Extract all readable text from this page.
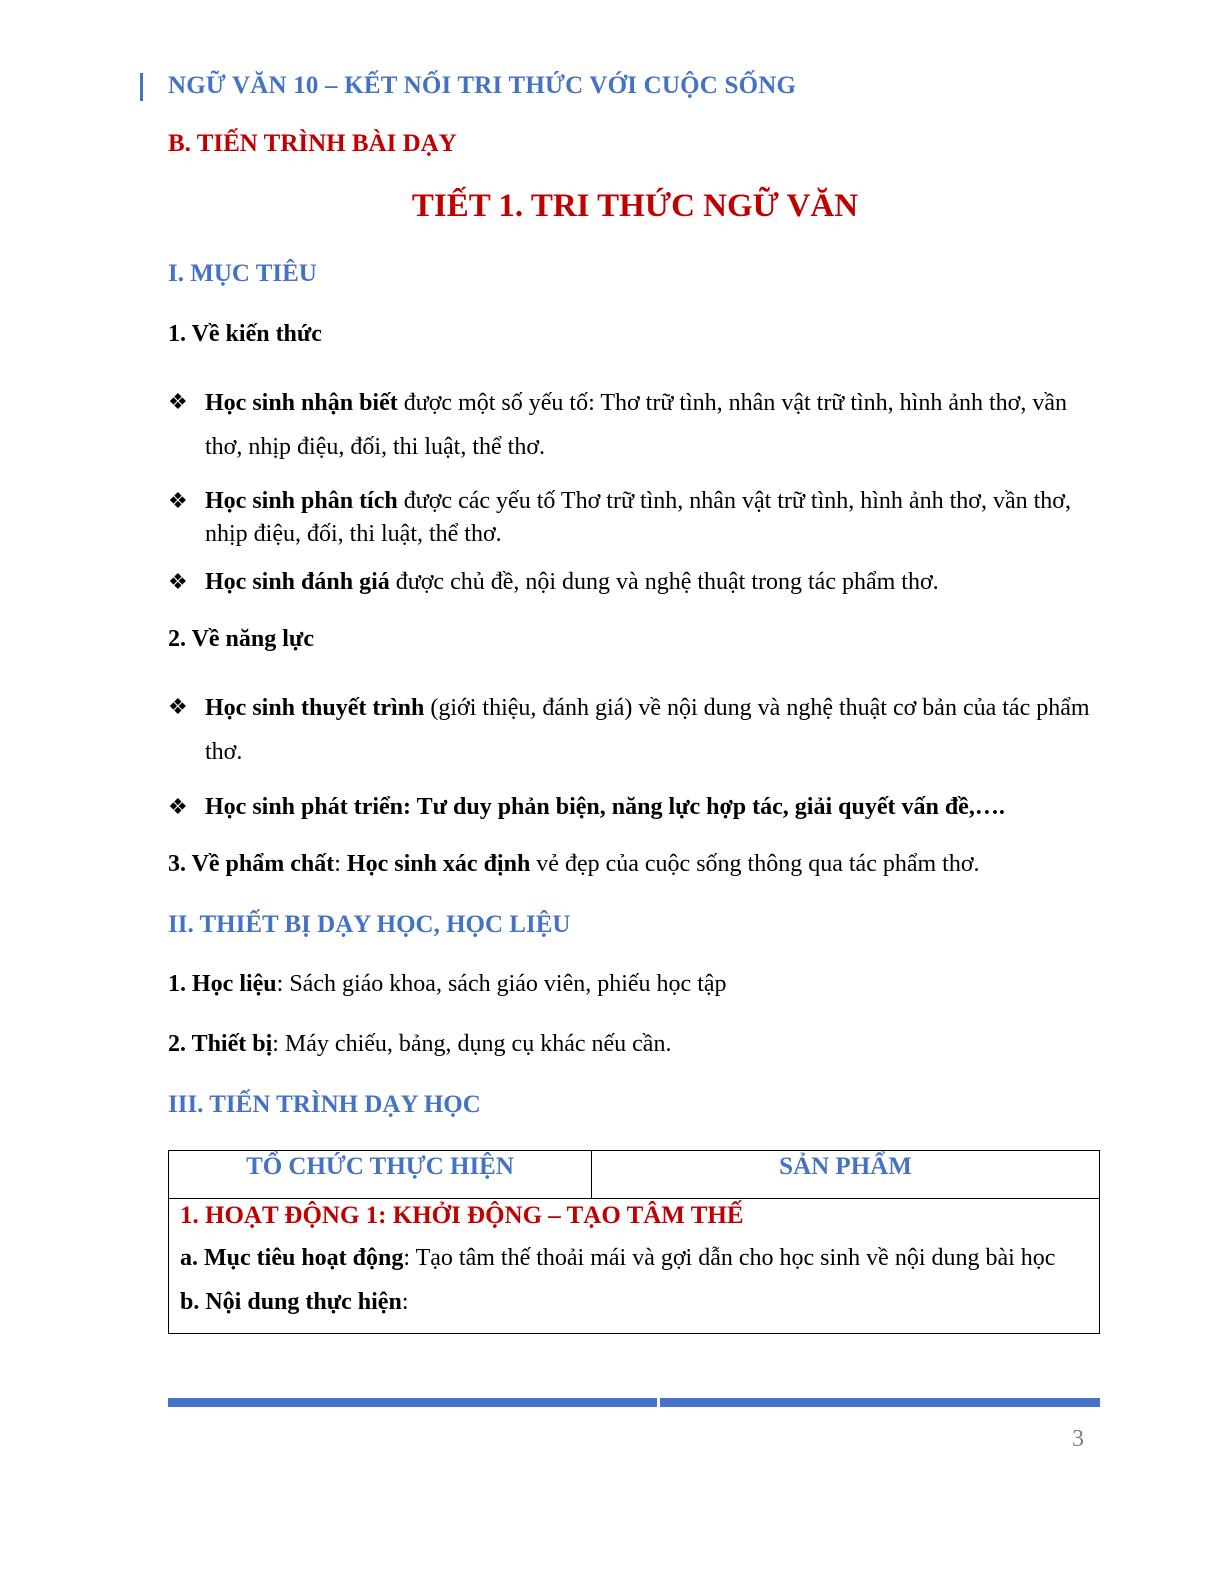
NGỮ VĂN 10 – KẾT NỐI TRI THỨC VỚI CUỘC SỐNG
B. TIẾN TRÌNH BÀI DẠY
TIẾT 1. TRI THỨC NGỮ VĂN
I. MỤC TIÊU
1. Về kiến thức
❖ Học sinh nhận biết được một số yếu tố: Thơ trữ tình, nhân vật trữ tình, hình ảnh thơ, vần thơ, nhịp điệu, đối, thi luật, thể thơ.
❖ Học sinh phân tích được các yếu tố Thơ trữ tình, nhân vật trữ tình, hình ảnh thơ, vần thơ, nhịp điệu, đối, thi luật, thể thơ.
❖ Học sinh đánh giá được chủ đề, nội dung và nghệ thuật trong tác phẩm thơ.
2. Về năng lực
❖ Học sinh thuyết trình (giới thiệu, đánh giá) về nội dung và nghệ thuật cơ bản của tác phẩm thơ.
❖ Học sinh phát triển: Tư duy phản biện, năng lực hợp tác, giải quyết vấn đề,….
3. Về phẩm chất: Học sinh xác định vẻ đẹp của cuộc sống thông qua tác phẩm thơ.
II. THIẾT BỊ DẠY HỌC, HỌC LIỆU
1. Học liệu: Sách giáo khoa, sách giáo viên, phiếu học tập
2. Thiết bị: Máy chiếu, bảng, dụng cụ khác nếu cần.
III. TIẾN TRÌNH DẠY HỌC
TỔ CHỨC THỰC HIỆN	SẢN PHẨM

1. HOẠT ĐỘNG 1: KHỞI ĐỘNG – TẠO TÂM THẾ
a. Mục tiêu hoạt động: Tạo tâm thế thoải mái và gợi dẫn cho học sinh về nội dung bài học
b. Nội dung thực hiện:
3
